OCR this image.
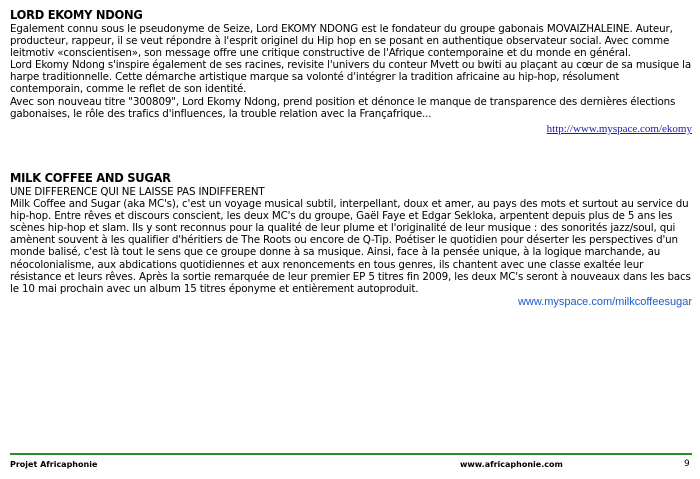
LORD EKOMY NDONG

Egalement connu sous le pseudonyme de Seize, Lord EKOMY NDONG est le fondateur du groupe gabonais MOVAIZHALEINE. Auteur, producteur, rappeur, il se veut répondre à l'esprit originel du Hip hop en se posant en authentique observateur social. Avec comme leitmotiv «conscientisen», son message offre une critique constructive de l'Afrique contemporaine et du monde en général.

Lord Ekomy Ndong s'inspire également de ses racines, revisite l'univers du conteur Mvett ou bwiti au plaçant au cœur de sa musique la harpe traditionnelle. Cette démarche artistique marque sa volonté d'intégrer la tradition africaine au hip-hop, résolument contemporain, comme le reflet de son identité.

Avec son nouveau titre "300809", Lord Ekomy Ndong, prend position et dénonce le manque de transparence des dernières élections gabonaises, le rôle des trafics d'influences, la trouble relation avec la Françafrique...

http://www.myspace.com/ekomy
MILK COFFEE AND SUGAR

UNE DIFFERENCE QUI NE LAISSE PAS INDIFFERENT

Milk Coffee and Sugar (aka MC's), c'est un voyage musical subtil, interpellant, doux et amer, au pays des mots et surtout au service du hip-hop. Entre rêves et discours conscient, les deux MC's du groupe, Gaël Faye et Edgar Sekloka, arpentent depuis plus de 5 ans les scènes hip-hop et slam. Ils y sont reconnus pour la qualité de leur plume et l'originalité de leur musique : des sonorités jazz/soul, qui amènent souvent à les qualifier d'héritiers de The Roots ou encore de Q-Tip. Poétiser le quotidien pour déserter les perspectives d'un monde balisé, c'est là tout le sens que ce groupe donne à sa musique. Ainsi, face à la pensée unique, à la logique marchande, au néocolonialisme, aux abdications quotidiennes et aux renoncements en tous genres, ils chantent avec une classe exaltée leur résistance et leurs rêves. Après la sortie remarquée de leur premier EP 5 titres fin 2009, les deux MC's seront à nouveaux dans les bacs le 10 mai prochain avec un album 15 titres éponyme et entièrement autoproduit.

www.myspace.com/milkcoffeesugar
Projet Africaphonie	www.africaphonie.com	9
